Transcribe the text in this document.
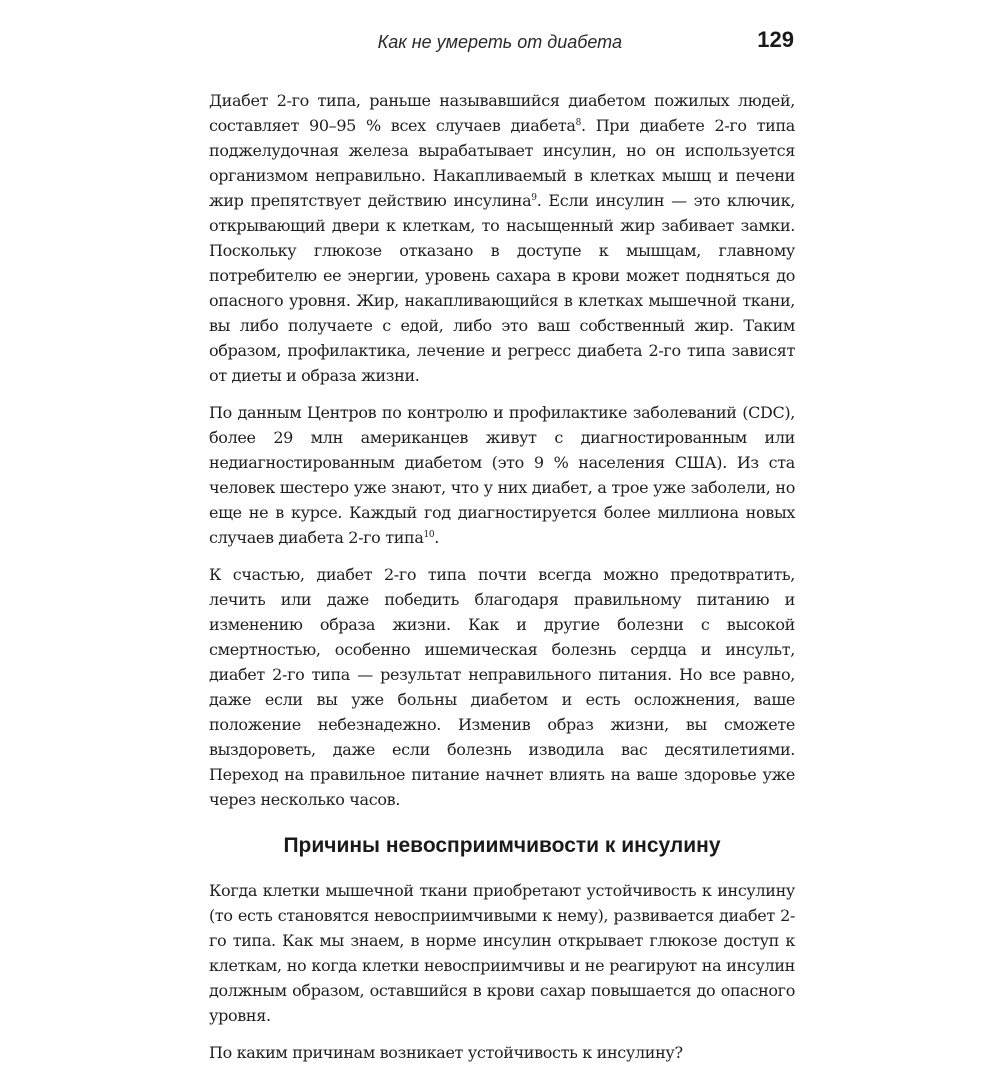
Как не умереть от диабета	129

Диабет 2-го типа, раньше называвшийся диабетом пожилых людей, составляет 90–95 % всех случаев диабета$^8$. При диабете 2-го типа поджелудочная железа вырабатывает инсулин, но он используется организмом неправильно. Накапливаемый в клетках мышц и печени жир препятствует действию инсулина$^9$. Если инсулин — это ключик, открывающий двери к клеткам, то насыщенный жир забивает замки. Поскольку глюкозе отказано в доступе к мышцам, главному потребителю ее энергии, уровень сахара в крови может подняться до опасного уровня. Жир, накапливающийся в клетках мышечной ткани, вы либо получаете с едой, либо это ваш собственный жир. Таким образом, профилактика, лечение и регресс диабета 2-го типа зависят от диеты и образа жизни.

По данным Центров по контролю и профилактике заболеваний (CDC), более 29 млн американцев живут с диагностированным или недиагностированным диабетом (это 9 % населения США). Из ста человек шестеро уже знают, что у них диабет, а трое уже заболели, но еще не в курсе. Каждый год диагностируется более миллиона новых случаев диабета 2-го типа$^{10}$.

К счастью, диабет 2-го типа почти всегда можно предотвратить, лечить или даже победить благодаря правильному питанию и изменению образа жизни. Как и другие болезни с высокой смертностью, особенно ишемическая болезнь сердца и инсульт, диабет 2-го типа — результат неправильного питания. Но все равно, даже если вы уже больны диабетом и есть осложнения, ваше положение небезнадежно. Изменив образ жизни, вы сможете выздороветь, даже если болезнь изводила вас десятилетиями. Переход на правильное питание начнет влиять на ваше здоровье уже через несколько часов.

Причины невосприимчивости к инсулину

Когда клетки мышечной ткани приобретают устойчивость к инсулину (то есть становятся невосприимчивыми к нему), развивается диабет 2-го типа. Как мы знаем, в норме инсулин открывает глюкозе доступ к клеткам, но когда клетки невосприимчивы и не реагируют на инсулин должным образом, оставшийся в крови сахар повышается до опасного уровня.

По каким причинам возникает устойчивость к инсулину?
